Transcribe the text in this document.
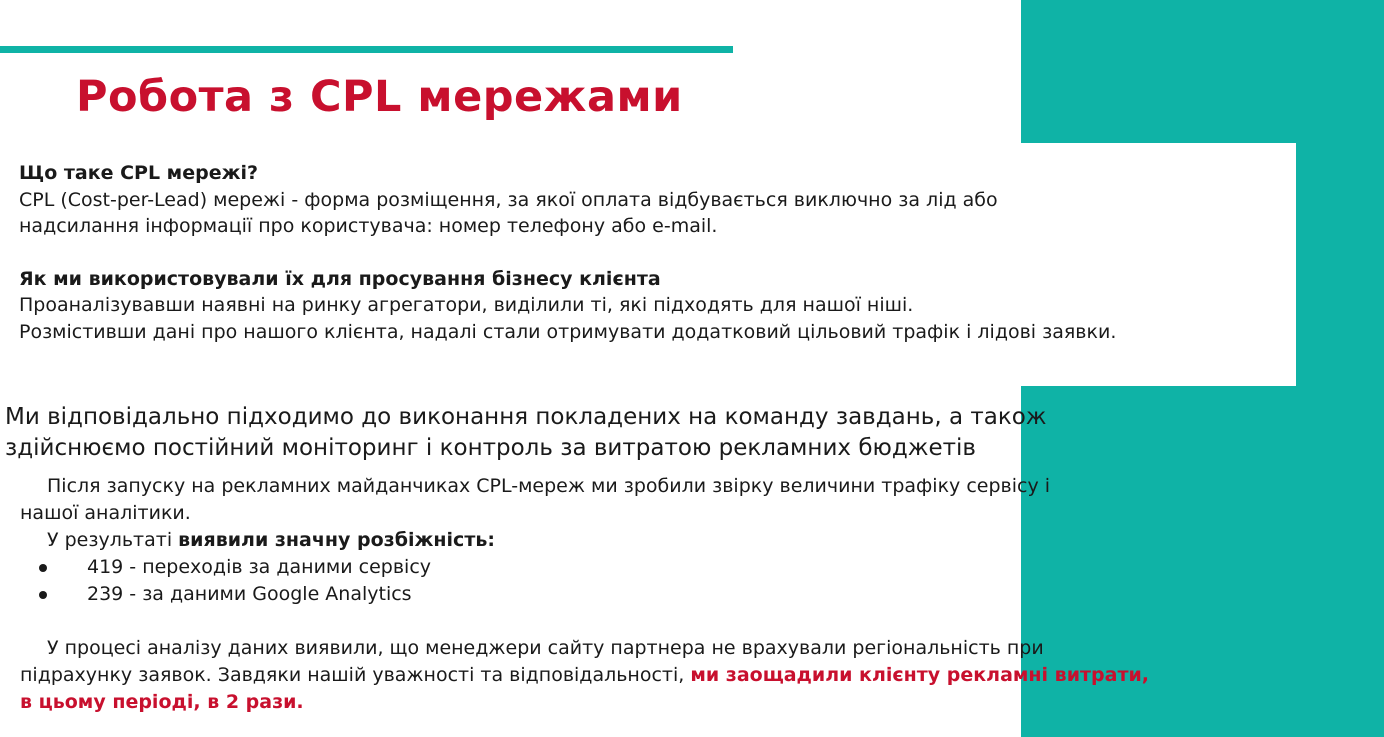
Робота з CPL мережами
Що таке CPL мережі?
CPL (Cost-per-Lead) мережі - форма розміщення, за якої оплата відбувається виключно за лід або
надсилання інформації про користувача: номер телефону або e-mail.
Як ми використовували їх для просування бізнесу клієнта
Проаналізувавши наявні на ринку агрегатори, виділили ті, які підходять для нашої ніші.
Розмістивши дані про нашого клієнта, надалі стали отримувати додатковий цільовий трафік і лідові заявки.
Ми відповідально підходимо до виконання покладених на команду завдань, а також
здійснюємо постійний моніторинг і контроль за витратою рекламних бюджетів
Після запуску на рекламних майданчиках CPL-мереж ми зробили звірку величини трафіку сервісу і
нашої аналітики.
У результаті виявили значну розбіжність:
419 - переходів за даними сервісу
239 - за даними Google Analytics
У процесі аналізу даних виявили, що менеджери сайту партнера не врахували регіональність при
підрахунку заявок. Завдяки нашій уважності та відповідальності, ми заощадили клієнту рекламні витрати,
в цьому періоді, в 2 рази.
